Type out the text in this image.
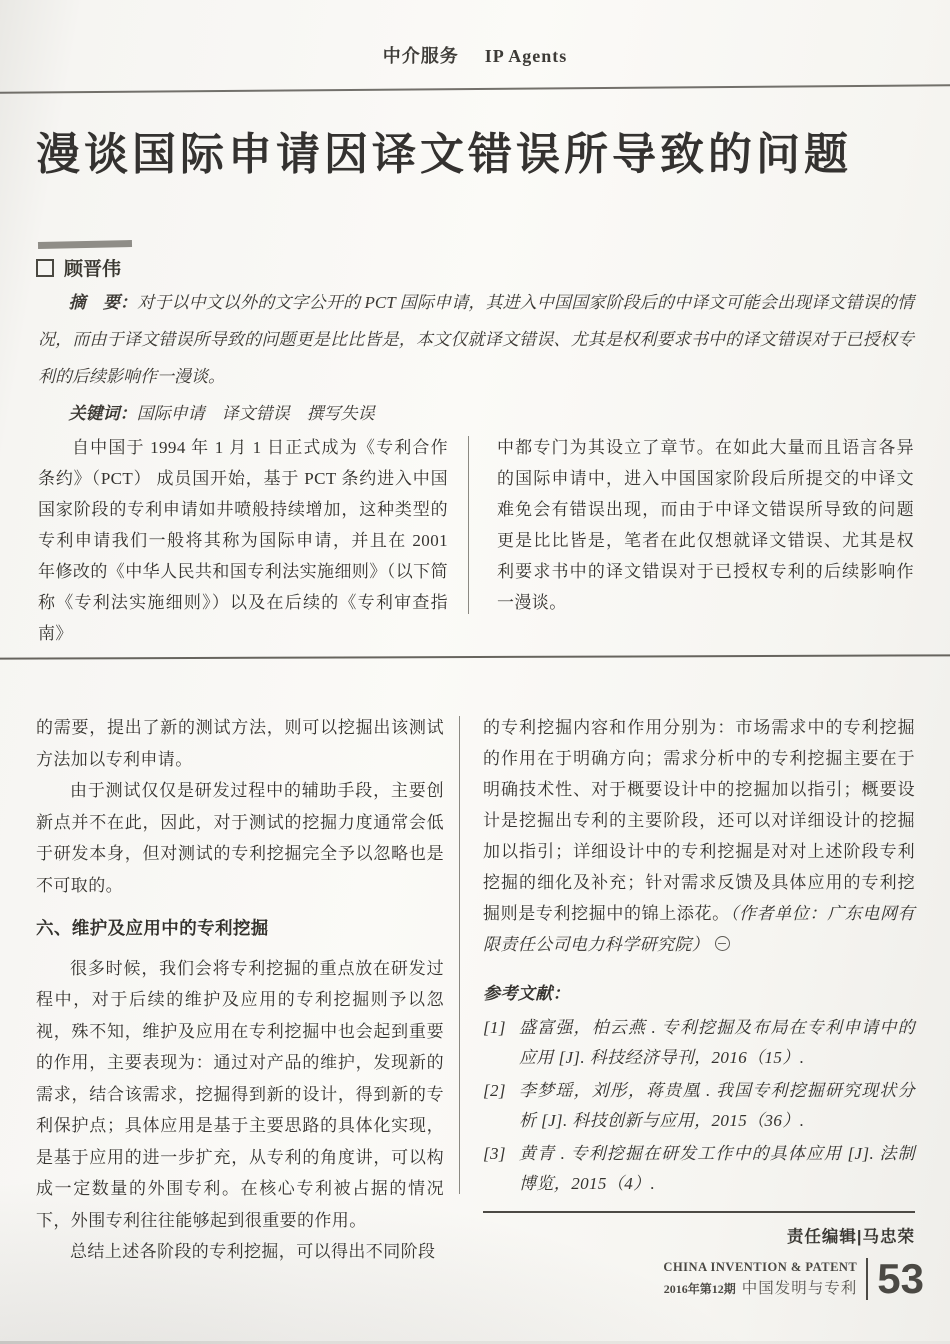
中介服务 IP Agents
漫谈国际申请因译文错误所导致的问题
顾晋伟

摘　要：对于以中文以外的文字公开的 PCT 国际申请，其进入中国国家阶段后的中译文可能会出现译文错误的情况，而由于译文错误所导致的问题更是比比皆是，本文仅就译文错误、尤其是权利要求书中的译文错误对于已授权专利的后续影响作一漫谈。

关键词：国际申请　译文错误　撰写失误

自中国于 1994 年 1 月 1 日正式成为《专利合作条约》（PCT） 成员国开始，基于 PCT 条约进入中国国家阶段的专利申请如井喷般持续增加，这种类型的专利申请我们一般将其称为国际申请，并且在 2001 年修改的《中华人民共和国专利法实施细则》（以下简称《专利法实施细则》）以及在后续的《专利审查指南》

中都专门为其设立了章节。在如此大量而且语言各异的国际申请中，进入中国国家阶段后所提交的中译文难免会有错误出现，而由于中译文错误所导致的问题更是比比皆是，笔者在此仅想就译文错误、尤其是权利要求书中的译文错误对于已授权专利的后续影响作一漫谈。

的需要，提出了新的测试方法，则可以挖掘出该测试方法加以专利申请。

由于测试仅仅是研发过程中的辅助手段，主要创新点并不在此，因此，对于测试的挖掘力度通常会低于研发本身，但对测试的专利挖掘完全予以忽略也是不可取的。

六、维护及应用中的专利挖掘

很多时候，我们会将专利挖掘的重点放在研发过程中，对于后续的维护及应用的专利挖掘则予以忽视，殊不知，维护及应用在专利挖掘中也会起到重要的作用，主要表现为：通过对产品的维护，发现新的需求，结合该需求，挖掘得到新的设计，得到新的专利保护点；具体应用是基于主要思路的具体化实现，是基于应用的进一步扩充，从专利的角度讲，可以构成一定数量的外围专利。在核心专利被占据的情况下，外围专利往往能够起到很重要的作用。

总结上述各阶段的专利挖掘，可以得出不同阶段

的专利挖掘内容和作用分别为：市场需求中的专利挖掘的作用在于明确方向；需求分析中的专利挖掘主要在于明确技术性、对于概要设计中的挖掘加以指引；概要设计是挖掘出专利的主要阶段，还可以对详细设计的挖掘加以指引；详细设计中的专利挖掘是对对上述阶段专利挖掘的细化及补充；针对需求反馈及具体应用的专利挖掘则是专利挖掘中的锦上添花。（作者单位：广东电网有限责任公司电力科学研究院）

参考文献：

[1] 盛富强，柏云燕 . 专利挖掘及布局在专利申请中的应用 [J]. 科技经济导刊，2016（15）.
[2] 李梦瑶，刘彤，蒋贵凰 . 我国专利挖掘研究现状分析 [J]. 科技创新与应用，2015（36）.
[3] 黄青 . 专利挖掘在研发工作中的具体应用 [J]. 法制博览，2015（4）.
责任编辑|马忠荣
CHINA INVENTION & PATENT
2016年第12期 中国发明与专利 53
